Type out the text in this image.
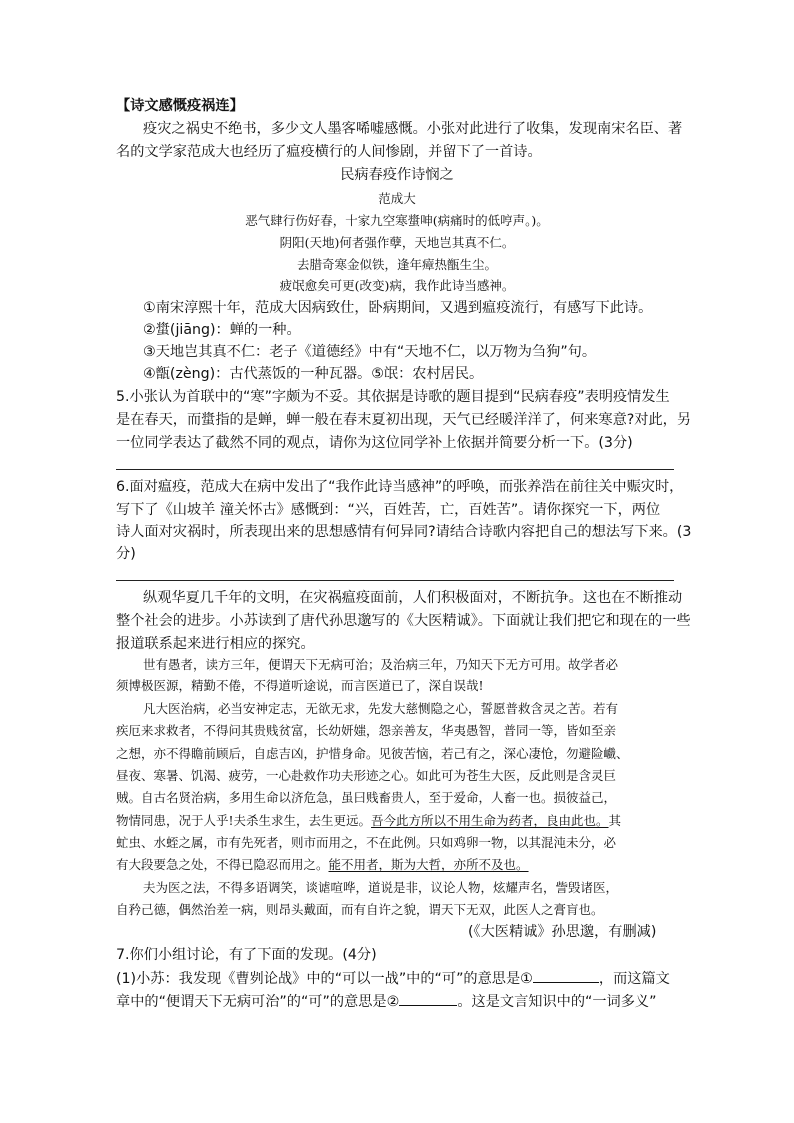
【诗文感慨疫祸连】

疫灾之祸史不绝书，多少文人墨客唏嘘感慨。小张对此进行了收集，发现南宋名臣、著

名的文学家范成大也经历了瘟疫横行的人间惨剧，并留下了一首诗。

民病春疫作诗悯之

范成大

恶气肆行伤好春，十家九空寒螀呻(病痛时的低哼声。)。

阴阳(天地)何者强作孽，天地岂其真不仁。

去腊奇寒金似铁，逢年瘴热甑生尘。

疲氓愈矣可更(改变)病，我作此诗当感神。

①南宋淳熙十年，范成大因病致仕，卧病期间，又遇到瘟疫流行，有感写下此诗。

②螀(jiāng)：蝉的一种。

③天地岂其真不仁：老子《道德经》中有“天地不仁，以万物为刍狗”句。

④甑(zèng)：古代蒸饭的一种瓦器。⑤氓：农村居民。

5.小张认为首联中的“寒”字颇为不妥。其依据是诗歌的题目提到“民病春疫”表明疫情发生

是在春天，而螀指的是蝉，蝉一般在春末夏初出现，天气已经暖洋洋了，何来寒意?对此，另

一位同学表达了截然不同的观点，请你为这位同学补上依据并简要分析一下。(3分)

6.面对瘟疫，范成大在病中发出了“我作此诗当感神”的呼唤，而张养浩在前往关中赈灾时，

写下了《山坡羊 潼关怀古》感慨到：“兴，百姓苦，亡，百姓苦”。请你探究一下，两位

诗人面对灾祸时，所表现出来的思想感情有何异同?请结合诗歌内容把自己的想法写下来。(3

分)

纵观华夏几千年的文明，在灾祸瘟疫面前，人们积极面对，不断抗争。这也在不断推动

整个社会的进步。小苏读到了唐代孙思邈写的《大医精诚》。下面就让我们把它和现在的一些

报道联系起来进行相应的探究。

世有愚者，读方三年，便谓天下无病可治；及治病三年，乃知天下无方可用。故学者必

须博极医源，精勤不倦，不得道听途说，而言医道已了，深自误哉!

凡大医治病，必当安神定志，无欲无求，先发大慈恻隐之心，誓愿普救含灵之苦。若有

疾厄来求救者，不得问其贵贱贫富，长幼妍媸，怨亲善友，华夷愚智，普同一等，皆如至亲

之想，亦不得瞻前顾后，自虑吉凶，护惜身命。见彼苦恼，若己有之，深心凄怆，勿避险巇、

昼夜、寒暑、饥渴、疲劳，一心赴救作功夫形迹之心。如此可为苍生大医，反此则是含灵巨

贼。自古名贤治病，多用生命以济危急，虽曰贱畜贵人，至于爱命，人畜一也。损彼益己，

物情同患，况于人乎!夫杀生求生，去生更远。吾今此方所以不用生命为药者，良由此也。其

虻虫、水蛭之属，市有先死者，则市而用之，不在此例。只如鸡卵一物，以其混沌未分，必

有大段要急之处，不得已隐忍而用之。能不用者，斯为大哲，亦所不及也。

夫为医之法，不得多语调笑，谈谑喧哗，道说是非，议论人物，炫耀声名，訾毁诸医，

自矜己德，偶然治差一病，则昂头戴面，而有自许之貌，谓天下无双，此医人之膏肓也。

(《大医精诚》孙思邈，有删减)

7.你们小组讨论，有了下面的发现。(4分)

(1)小苏：我发现《曹刿论战》中的“可以一战”中的“可”的意思是①	，而这篇文

章中的“便谓天下无病可治”的“可”的意思是②	。这是文言知识中的“一词多义”
